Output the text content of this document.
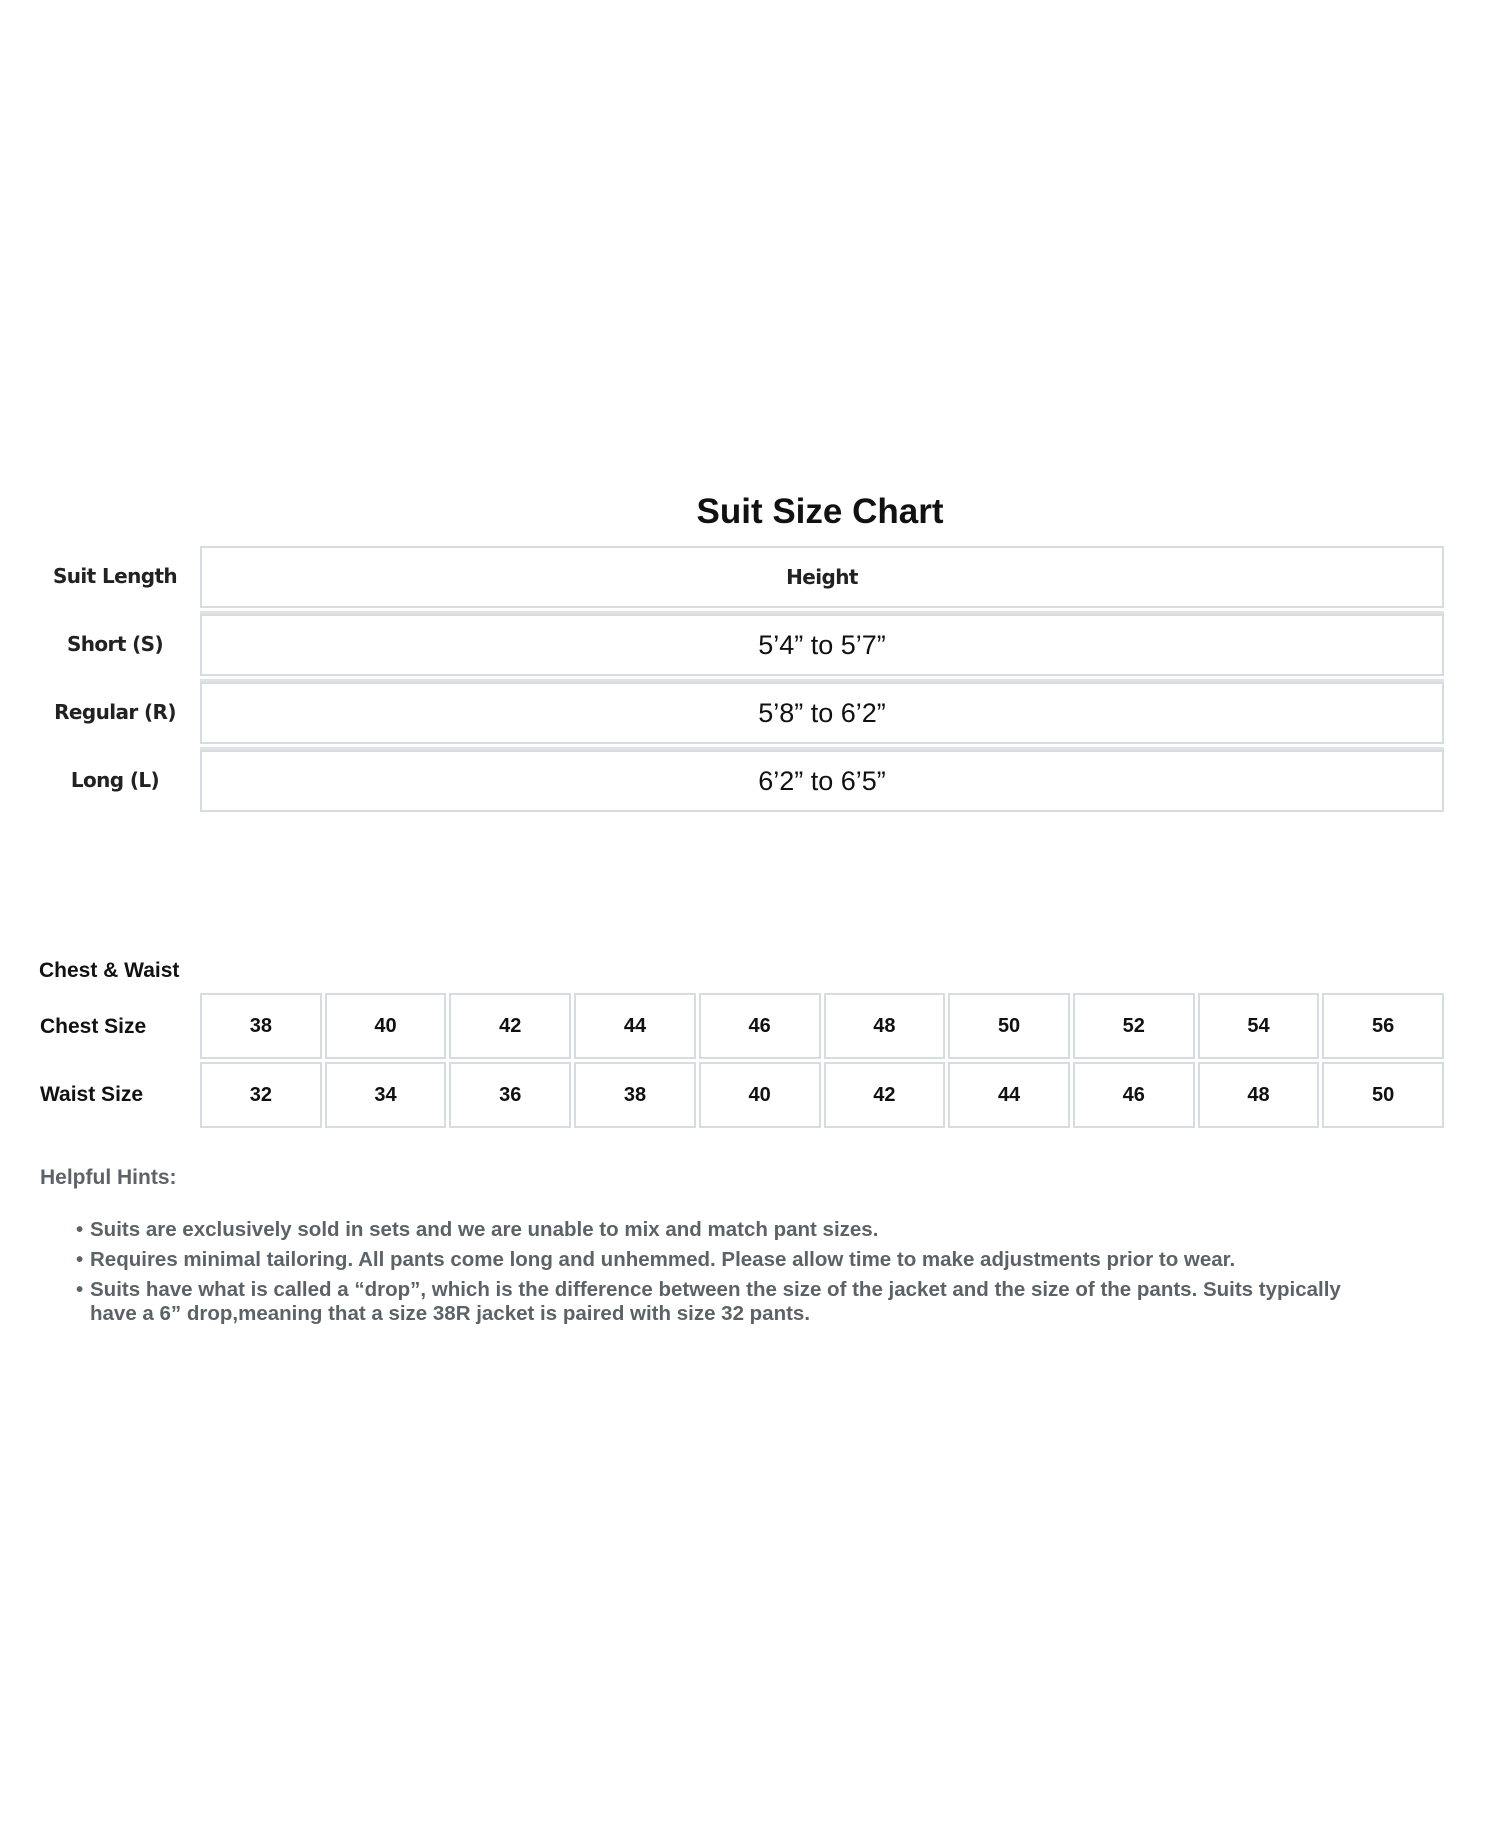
Suit Size Chart
Suit Length	Height
Short (S)	5’4” to 5’7”
Regular (R)	5’8” to 6’2”
Long (L)	6’2” to 6’5”
Chest & Waist
Chest Size	38	40	42	44	46	48	50	52	54	56
Waist Size	32	34	36	38	40	42	44	46	48	50
Helpful Hints:
• Suits are exclusively sold in sets and we are unable to mix and match pant sizes.
• Requires minimal tailoring. All pants come long and unhemmed. Please allow time to make adjustments prior to wear.
• Suits have what is called a “drop”, which is the difference between the size of the jacket and the size of the pants. Suits typically have a 6” drop,meaning that a size 38R jacket is paired with size 32 pants.
